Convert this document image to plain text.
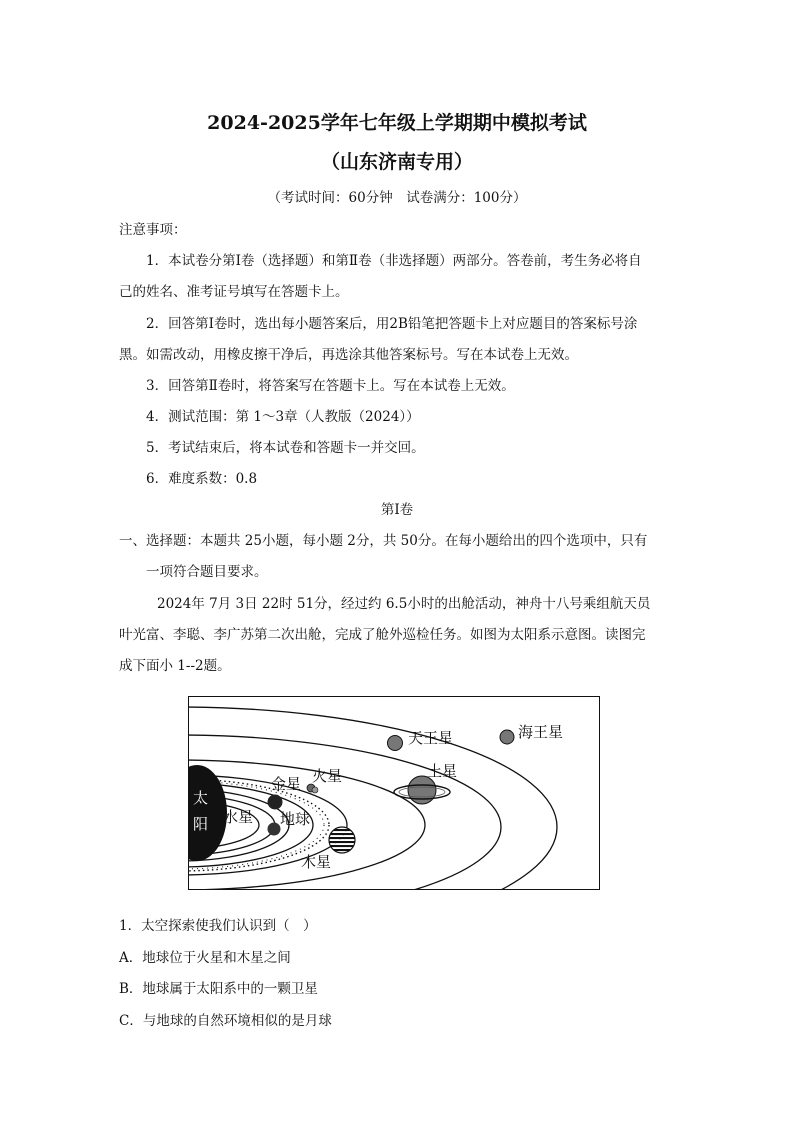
2024-2025学年七年级上学期期中模拟考试
（山东济南专用）
（考试时间：60分钟　试卷满分：100分）
注意事项：
1．本试卷分第Ⅰ卷（选择题）和第Ⅱ卷（非选择题）两部分。答卷前，考生务必将自
己的姓名、准考证号填写在答题卡上。
2．回答第Ⅰ卷时，选出每小题答案后，用2B铅笔把答题卡上对应题目的答案标号涂
黑。如需改动，用橡皮擦干净后，再选涂其他答案标号。写在本试卷上无效。
3．回答第Ⅱ卷时，将答案写在答题卡上。写在本试卷上无效。
4．测试范围：第 1～3章（人教版（2024））
5．考试结束后，将本试卷和答题卡一并交回。
6．难度系数：0.8
第Ⅰ卷
一、选择题：本题共 25小题，每小题 2分，共 50分。在每小题给出的四个选项中，只有
一项符合题目要求。
2024年 7月 3日 22时 51分，经过约 6.5小时的出舱活动，神舟十八号乘组航天员
叶光富、李聪、李广苏第二次出舱，完成了舱外巡检任务。如图为太阳系示意图。读图完
成下面小 1--2题。
太
阳 水星
金星
地球
火星
木星
土星
天王星	海王星
1．太空探索使我们认识到（　）
A．地球位于火星和木星之间
B．地球属于太阳系中的一颗卫星
C．与地球的自然环境相似的是月球
